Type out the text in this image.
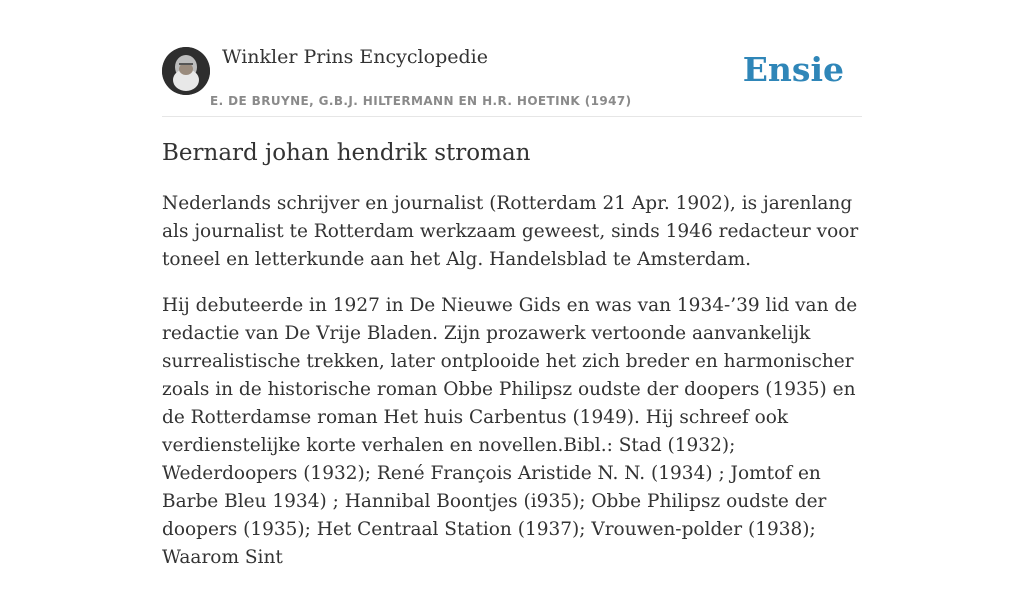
Winkler Prins Encyclopedie
E. DE BRUYNE, G.B.J. HILTERMANN EN H.R. HOETINK (1947)
Ensie
Bernard johan hendrik stroman

Nederlands schrijver en journalist (Rotterdam 21 Apr. 1902), is jarenlang als journalist te Rotterdam werkzaam geweest, sinds 1946 redacteur voor toneel en letterkunde aan het Alg. Handelsblad te Amsterdam.

Hij debuteerde in 1927 in De Nieuwe Gids en was van 1934-’39 lid van de redactie van De Vrije Bladen. Zijn prozawerk vertoonde aanvankelijk surrealistische trekken, later ontplooide het zich breder en harmonischer zoals in de historische roman Obbe Philipsz oudste der doopers (1935) en de Rotterdamse roman Het huis Carbentus (1949). Hij schreef ook verdienstelijke korte verhalen en novellen.Bibl.: Stad (1932); Wederdoopers (1932); René François Aristide N. N. (1934) ; Jomtof en Barbe Bleu 1934) ; Hannibal Boontjes (i935); Obbe Philipsz oudste der doopers (1935); Het Centraal Station (1937); Vrouwen-polder (1938); Waarom Sint
